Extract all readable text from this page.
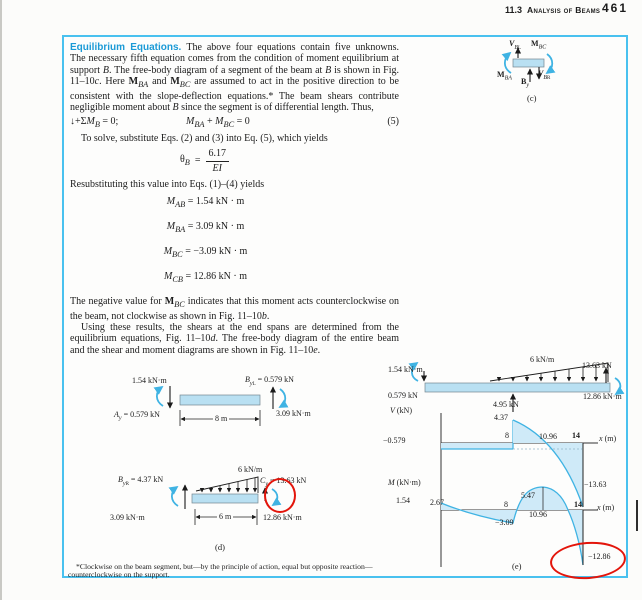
11.3 Analysis of Beams 461

Equilibrium Equations. The above four equations contain five unknowns. The necessary fifth equation comes from the condition of moment equilibrium at support B. The free-body diagram of a segment of the beam at B is shown in Fig. 11–10c. Here $M_{BA}$ and $M_{BC}$ are assumed to act in the positive direction to be consistent with the slope-deflection equations.* The beam shears contribute negligible moment about B since the segment is of differential length. Thus,

$↓+\Sigma M_B = 0$;	$M_{BA} + M_{BC} = 0$	(5)

To solve, substitute Eqs. (2) and (3) into Eq. (5), which yields

$\theta_B = \frac{6.17}{EI}$

Resubstituting this value into Eqs. (1)–(4) yields

$M_{AB} = 1.54$ kN · m
$M_{BA} = 3.09$ kN · m
$M_{BC} = -3.09$ kN · m
$M_{CB} = 12.86$ kN · m

The negative value for $M_{BC}$ indicates that this moment acts counterclockwise on the beam, not clockwise as shown in Fig. 11–10b.

Using these results, the shears at the end spans are determined from the equilibrium equations, Fig. 11–10d. The free-body diagram of the entire beam and the shear and moment diagrams are shown in Fig. 11–10e.

*Clockwise on the beam segment, but—by the principle of action, equal but opposite reaction—counterclockwise on the support.

$V_{BL}$
$M_{BC}$
$M_{BA}$ $B_y$
$V_{BR}$
(c)
1.54 kN·m
$A_y = 0.579$ kN
$B_{yL} = 0.579$ kN
3.09 kN·m
8 m
$B_{yR} = 4.37$ kN
3.09 kN·m
6 kN/m
$C_y = 13.63$ kN
12.86 kN·m
6 m
(d)
1.54 kN·m
0.579 kN
4.95 kN
6 kN/m
13.63 kN
12.86 kN·m
V (kN)
−0.579
4.37
8	10.96 14 x (m)
−13.63
M (kN·m)
1.54	2.67	8
−3.09
5.47
10.96
14 x (m)
−12.86
(e)
